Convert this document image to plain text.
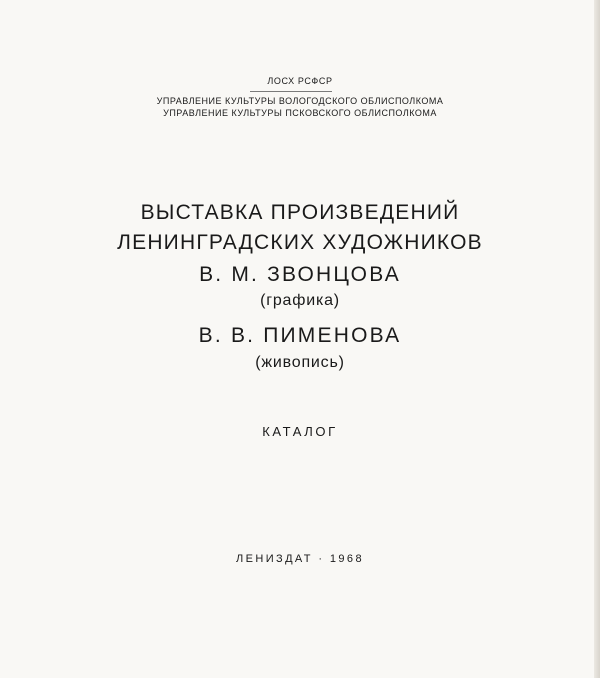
ЛОСХ РСФСР
УПРАВЛЕНИЕ КУЛЬТУРЫ ВОЛОГОДСКОГО ОБЛИСПОЛКОМА
УПРАВЛЕНИЕ КУЛЬТУРЫ ПСКОВСКОГО ОБЛИСПОЛКОМА
ВЫСТАВКА ПРОИЗВЕДЕНИЙ
ЛЕНИНГРАДСКИХ ХУДОЖНИКОВ
В. М. ЗВОНЦОВА
(графика)
В. В. ПИМЕНОВА
(живопись)
КАТАЛОГ
ЛЕНИЗДАТ · 1968
